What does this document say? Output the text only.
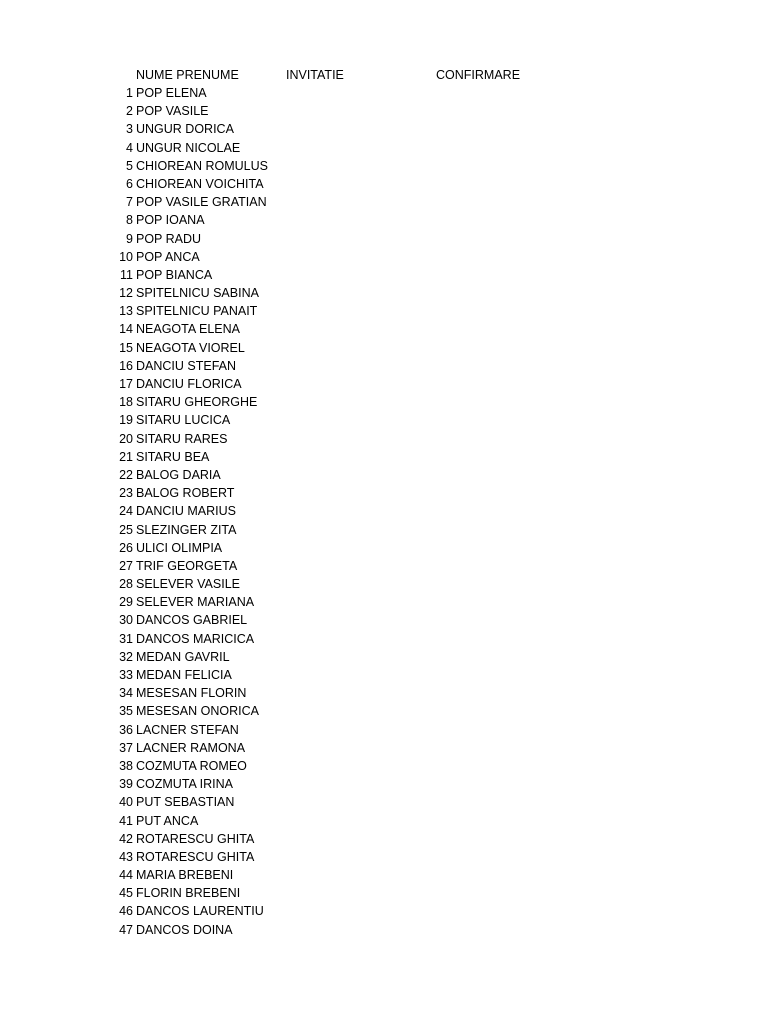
NUME PRENUME	INVITATIE	CONFIRMARE
1 POP ELENA
2 POP VASILE
3 UNGUR DORICA
4 UNGUR NICOLAE
5 CHIOREAN ROMULUS
6 CHIOREAN VOICHITA
7 POP VASILE GRATIAN
8 POP IOANA
9 POP RADU
10 POP ANCA
11 POP BIANCA
12 SPITELNICU SABINA
13 SPITELNICU PANAIT
14 NEAGOTA ELENA
15 NEAGOTA VIOREL
16 DANCIU STEFAN
17 DANCIU FLORICA
18 SITARU GHEORGHE
19 SITARU LUCICA
20 SITARU RARES
21 SITARU BEA
22 BALOG DARIA
23 BALOG ROBERT
24 DANCIU MARIUS
25 SLEZINGER ZITA
26 ULICI OLIMPIA
27 TRIF GEORGETA
28 SELEVER VASILE
29 SELEVER MARIANA
30 DANCOS GABRIEL
31 DANCOS MARICICA
32 MEDAN GAVRIL
33 MEDAN FELICIA
34 MESESAN FLORIN
35 MESESAN ONORICA
36 LACNER STEFAN
37 LACNER RAMONA
38 COZMUTA ROMEO
39 COZMUTA IRINA
40 PUT SEBASTIAN
41 PUT ANCA
42 ROTARESCU GHITA
43 ROTARESCU GHITA
44 MARIA BREBENI
45 FLORIN BREBENI
46 DANCOS LAURENTIU
47 DANCOS DOINA
